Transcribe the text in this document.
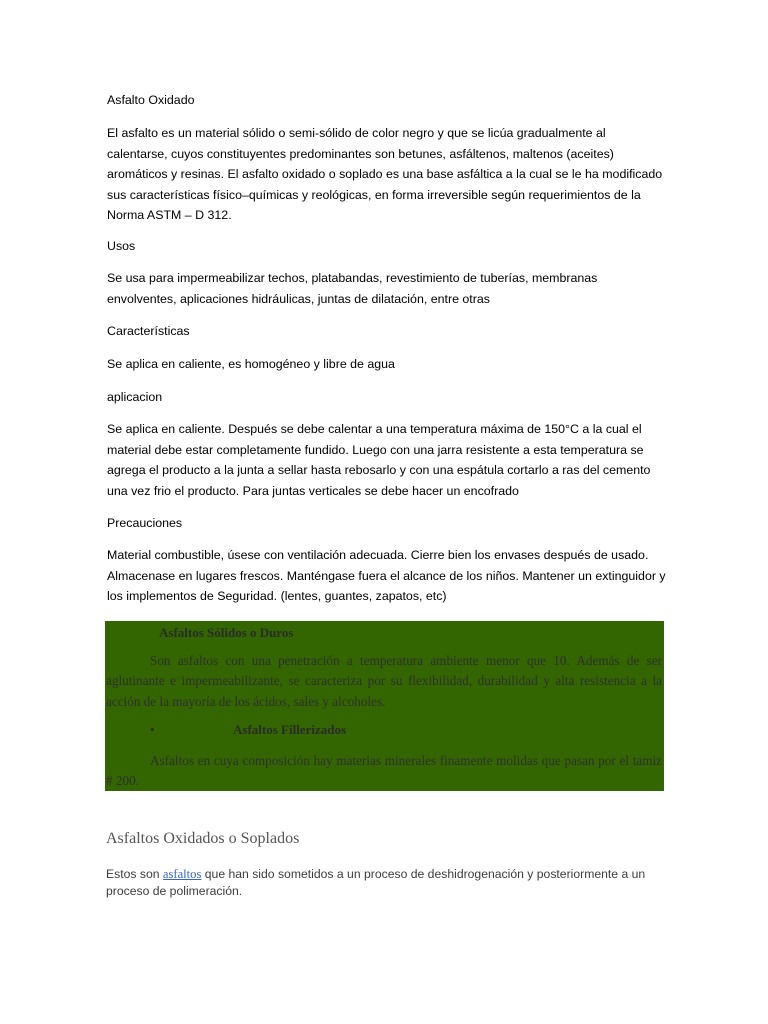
Asfalto Oxidado

El asfalto es un material sólido o semi-sólido de color negro y que se licúa gradualmente al calentarse, cuyos constituyentes predominantes son betunes, asfáltenos, maltenos (aceites) aromáticos y resinas. El asfalto oxidado o soplado es una base asfáltica a la cual se le ha modificado sus características físico–químicas y reológicas, en forma irreversible según requerimientos de la Norma ASTM – D 312.

Usos

Se usa para impermeabilizar techos, platabandas, revestimiento de tuberías, membranas envolventes, aplicaciones hidráulicas, juntas de dilatación, entre otras

Características

Se aplica en caliente, es homogéneo y libre de agua

aplicacion

Se aplica en caliente. Después se debe calentar a una temperatura máxima de 150°C a la cual el material debe estar completamente fundido. Luego con una jarra resistente a esta temperatura se agrega el producto a la junta a sellar hasta rebosarlo y con una espátula cortarlo a ras del cemento una vez frio el producto. Para juntas verticales se debe hacer un encofrado

Precauciones

Material combustible, úsese con ventilación adecuada. Cierre bien los envases después de usado. Almacenase en lugares frescos. Manténgase fuera el alcance de los niños. Mantener un extinguidor y los implementos de Seguridad. (lentes, guantes, zapatos, etc)

Asfaltos Sólidos o Duros

Son asfaltos con una penetración a temperatura ambiente menor que 10. Además de ser aglutinante e impermeabilizante, se caracteriza por su flexibilidad, durabilidad y alta resistencia a la acción de la mayoría de los ácidos, sales y alcoholes.

•	Asfaltos Fillerizados

Asfaltos en cuya composición hay materias minerales finamente molidas que pasan por el tamiz # 200.

Asfaltos Oxidados o Soplados

Estos son asfaltos que han sido sometidos a un proceso de deshidrogenación y posteriormente a un proceso de polimeración.
